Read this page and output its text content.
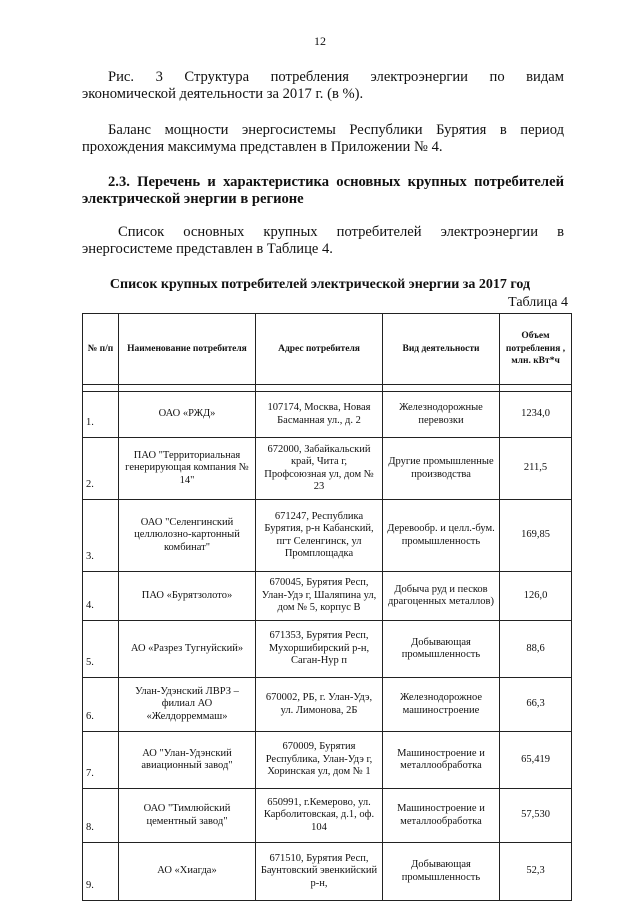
12

Рис. 3 Структура потребления электроэнергии по видам
экономической деятельности за 2017 г. (в %).

Баланс мощности энергосистемы Республики Бурятия в период
прохождения максимума представлен в Приложении № 4.

2.3. Перечень и характеристика основных крупных потребителей
электрической энергии в регионе

Список основных крупных потребителей электроэнергии в
энергосистеме представлен в Таблице 4.

Список крупных потребителей электрической энергии за 2017 год

Таблица 4

№ п/п	Наименование потребителя	Адрес потребителя	Вид деятельности	Объем потребления , млн. кВт*ч

1.	ОАО «РЖД»	107174, Москва, Новая Басманная ул., д. 2	Железнодорожные перевозки	1234,0
2.	ПАО "Территориальная генерирующая компания № 14"	672000, Забайкальский край, Чита г, Профсоюзная ул, дом № 23	Другие промышленные производства	211,5
3.	ОАО "Селенгинский целлюлозно-картонный комбинат"	671247, Республика Бурятия, р-н Кабанский, пгт Селенгинск, ул Промплощадка	Деревообр. и целл.-бум. промышленность	169,85
4.	ПАО «Бурятзолото»	670045, Бурятия Респ, Улан-Удэ г, Шаляпина ул, дом № 5, корпус В	Добыча руд и песков драгоценных металлов)	126,0
5.	АО «Разрез Тугнуйский»	671353, Бурятия Респ, Мухоршибирский р-н, Саган-Нур п	Добывающая промышленность	88,6
6.	Улан-Удэнский ЛВРЗ – филиал АО «Желдорреммаш»	670002, РБ, г. Улан-Удэ, ул. Лимонова, 2Б	Железнодорожное машиностроение	66,3
7.	АО "Улан-Удэнский авиационный завод"	670009, Бурятия Республика, Улан-Удэ г, Хоринская ул, дом № 1	Машиностроение и металлообработка	65,419
8.	ОАО "Тимлюйский цементный завод"	650991, г.Кемерово, ул. Карболитовская, д.1, оф. 104	Машиностроение и металлообработка	57,530
9.	АО «Хиагда»	671510, Бурятия Респ, Баунтовский эвенкийский р-н,	Добывающая промышленность	52,3
